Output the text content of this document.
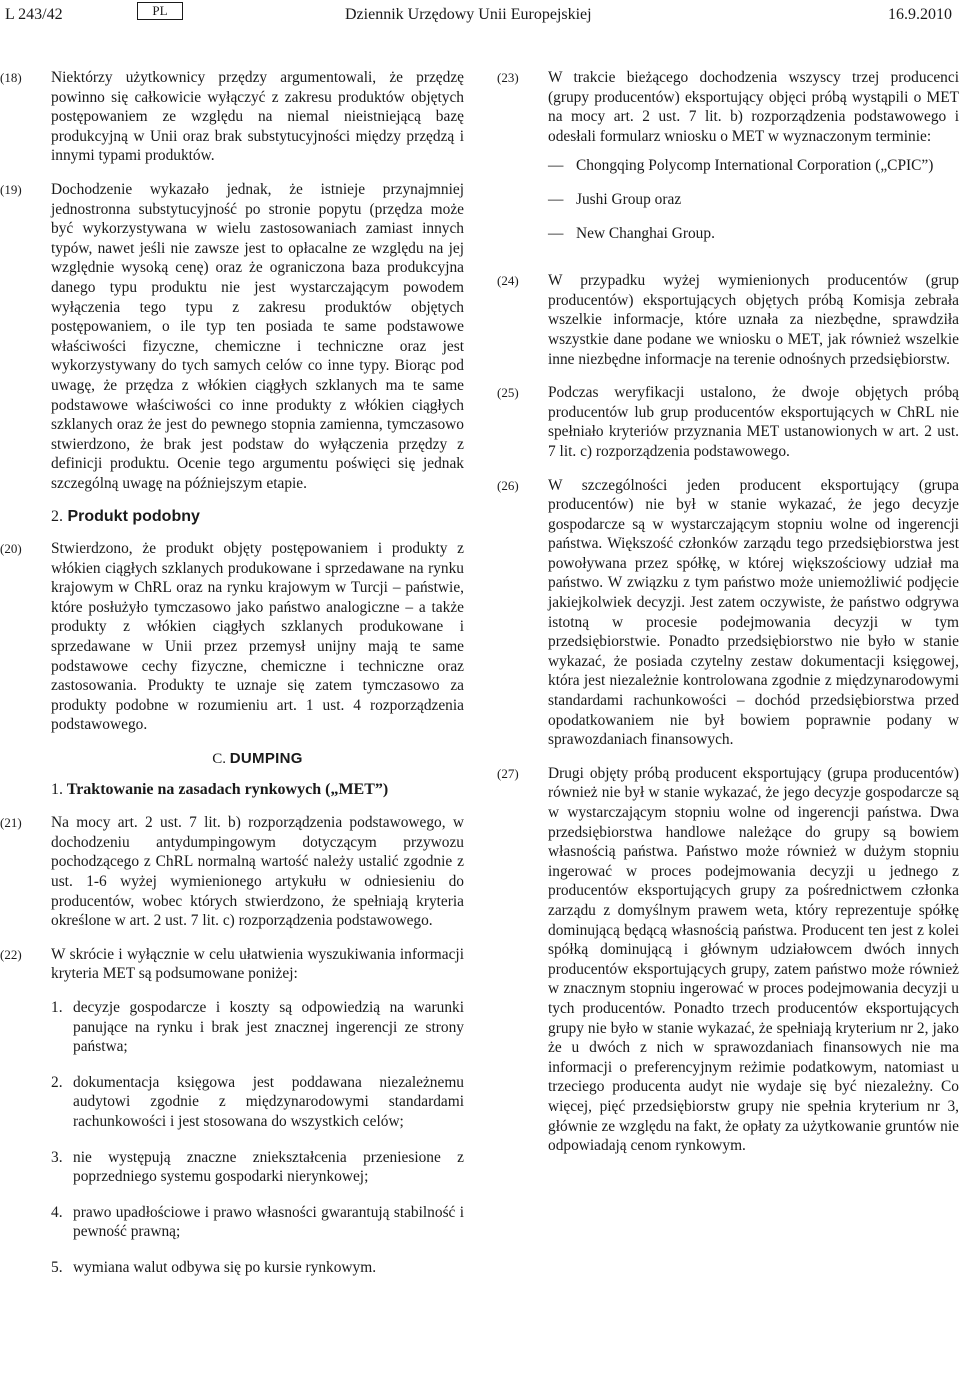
L 243/42	PL	Dziennik Urzędowy Unii Europejskiej	16.9.2010
(18)	Niektórzy użytkownicy przędzy argumentowali, że przędzę powinno się całkowicie wyłączyć z zakresu produktów objętych postępowaniem ze względu na niemal nieistniejącą bazę produkcyjną w Unii oraz brak substytucyjności między przędzą i innymi typami produktów.
(19)	Dochodzenie wykazało jednak, że istnieje przynajmniej jednostronna substytucyjność po stronie popytu (przędza może być wykorzystywana w wielu zastosowaniach zamiast innych typów, nawet jeśli nie zawsze jest to opłacalne ze względu na jej względnie wysoką cenę) oraz że ograniczona baza produkcyjna danego typu produktu nie jest wystarczającym powodem wyłączenia tego typu z zakresu produktów objętych postępowaniem, o ile typ ten posiada te same podstawowe właściwości fizyczne, chemiczne i techniczne oraz jest wykorzystywany do tych samych celów co inne typy. Biorąc pod uwagę, że przędza z włókien ciągłych szklanych ma te same podstawowe właściwości co inne produkty z włókien ciągłych szklanych oraz że jest do pewnego stopnia zamienna, tymczasowo stwierdzono, że brak jest podstaw do wyłączenia przędzy z definicji produktu. Ocenie tego argumentu poświęci się jednak szczególną uwagę na późniejszym etapie.
2. Produkt podobny
(20)	Stwierdzono, że produkt objęty postępowaniem i produkty z włókien ciągłych szklanych produkowane i sprzedawane na rynku krajowym w ChRL oraz na rynku krajowym w Turcji – państwie, które posłużyło tymczasowo jako państwo analogiczne – a także produkty z włókien ciągłych szklanych produkowane i sprzedawane w Unii przez przemysł unijny mają te same podstawowe cechy fizyczne, chemiczne i techniczne oraz zastosowania. Produkty te uznaje się zatem tymczasowo za produkty podobne w rozumieniu art. 1 ust. 4 rozporządzenia podstawowego.
C. DUMPING
1. Traktowanie na zasadach rynkowych („MET”)
(21)	Na mocy art. 2 ust. 7 lit. b) rozporządzenia podstawowego, w dochodzeniu antydumpingowym dotyczącym przywozu pochodzącego z ChRL normalną wartość należy ustalić zgodnie z ust. 1-6 wyżej wymienionego artykułu w odniesieniu do producentów, wobec których stwierdzono, że spełniają kryteria określone w art. 2 ust. 7 lit. c) rozporządzenia podstawowego.
(22)	W skrócie i wyłącznie w celu ułatwienia wyszukiwania informacji kryteria MET są podsumowane poniżej:

1. decyzje gospodarcze i koszty są odpowiedzią na warunki panujące na rynku i brak jest znacznej ingerencji ze strony państwa;
2. dokumentacja księgowa jest poddawana niezależnemu audytowi zgodnie z międzynarodowymi standardami rachunkowości i jest stosowana do wszystkich celów;
3. nie występują znaczne zniekształcenia przeniesione z poprzedniego systemu gospodarki nierynkowej;
4. prawo upadłościowe i prawo własności gwarantują stabilność i pewność prawną;
5. wymiana walut odbywa się po kursie rynkowym.
(23)	W trakcie bieżącego dochodzenia wszyscy trzej producenci (grupy producentów) eksportujący objęci próbą wystąpili o MET na mocy art. 2 ust. 7 lit. b) rozporządzenia podstawowego i odesłali formularz wniosku o MET w wyznaczonym terminie:

— Chongqing Polycomp International Corporation („CPIC”)
— Jushi Group oraz
— New Changhai Group.
(24)	W przypadku wyżej wymienionych producentów (grup producentów) eksportujących objętych próbą Komisja zebrała wszelkie informacje, które uznała za niezbędne, sprawdziła wszystkie dane podane we wniosku o MET, jak również wszelkie inne niezbędne informacje na terenie odnośnych przedsiębiorstw.
(25)	Podczas weryfikacji ustalono, że dwoje objętych próbą producentów lub grup producentów eksportujących w ChRL nie spełniało kryteriów przyznania MET ustanowionych w art. 2 ust. 7 lit. c) rozporządzenia podstawowego.
(26)	W szczególności jeden producent eksportujący (grupa producentów) nie był w stanie wykazać, że jego decyzje gospodarcze są w wystarczającym stopniu wolne od ingerencji państwa. Większość członków zarządu tego przedsiębiorstwa jest powoływana przez spółkę, w której większościowy udział ma państwo. W związku z tym państwo może uniemożliwić podjęcie jakiejkolwiek decyzji. Jest zatem oczywiste, że państwo odgrywa istotną w procesie podejmowania decyzji w tym przedsiębiorstwie. Ponadto przedsiębiorstwo nie było w stanie wykazać, że posiada czytelny zestaw dokumentacji księgowej, która jest niezależnie kontrolowana zgodnie z międzynarodowymi standardami rachunkowości – dochód przedsiębiorstwa przed opodatkowaniem nie był bowiem poprawnie podany w sprawozdaniach finansowych.
(27)	Drugi objęty próbą producent eksportujący (grupa producentów) również nie był w stanie wykazać, że jego decyzje gospodarcze są w wystarczającym stopniu wolne od ingerencji państwa. Dwa przedsiębiorstwa handlowe należące do grupy są bowiem własnością państwa. Państwo może również w dużym stopniu ingerować w proces podejmowania decyzji u jednego z producentów eksportujących grupy za pośrednictwem członka zarządu z domyślnym prawem weta, który reprezentuje spółkę dominującą będącą własnością państwa. Producent ten jest z kolei spółką dominującą i głównym udziałowcem dwóch innych producentów eksportujących grupy, zatem państwo może również w znacznym stopniu ingerować w proces podejmowania decyzji u tych producentów. Ponadto trzech producentów eksportujących grupy nie było w stanie wykazać, że spełniają kryterium nr 2, jako że u dwóch z nich w sprawozdaniach finansowych nie ma informacji o preferencyjnym reżimie podatkowym, natomiast u trzeciego producenta audyt nie wydaje się być niezależny. Co więcej, pięć przedsiębiorstw grupy nie spełnia kryterium nr 3, głównie ze względu na fakt, że opłaty za użytkowanie gruntów nie odpowiadają cenom rynkowym.
